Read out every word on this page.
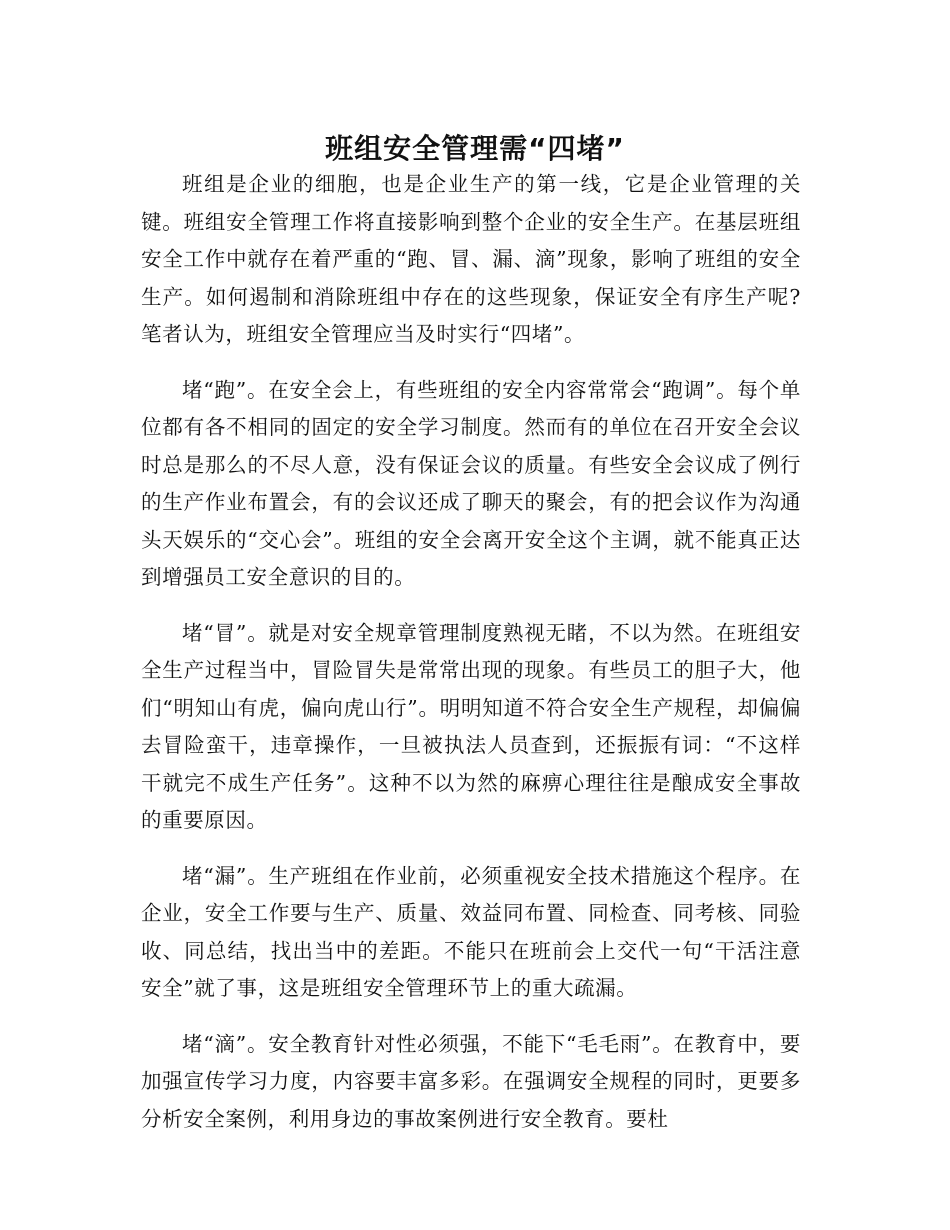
班组安全管理需“四堵”

班组是企业的细胞，也是企业生产的第一线，它是企业管理的关键。班组安全管理工作将直接影响到整个企业的安全生产。在基层班组安全工作中就存在着严重的“跑、冒、漏、滴”现象，影响了班组的安全生产。如何遏制和消除班组中存在的这些现象，保证安全有序生产呢?笔者认为，班组安全管理应当及时实行“四堵”。

堵“跑”。在安全会上，有些班组的安全内容常常会“跑调”。每个单位都有各不相同的固定的安全学习制度。然而有的单位在召开安全会议时总是那么的不尽人意，没有保证会议的质量。有些安全会议成了例行的生产作业布置会，有的会议还成了聊天的聚会，有的把会议作为沟通头天娱乐的“交心会”。班组的安全会离开安全这个主调，就不能真正达到增强员工安全意识的目的。

堵“冒”。就是对安全规章管理制度熟视无睹，不以为然。在班组安全生产过程当中，冒险冒失是常常出现的现象。有些员工的胆子大，他们“明知山有虎，偏向虎山行”。明明知道不符合安全生产规程，却偏偏去冒险蛮干，违章操作，一旦被执法人员查到，还振振有词：“不这样干就完不成生产任务”。这种不以为然的麻痹心理往往是酿成安全事故的重要原因。

堵“漏”。生产班组在作业前，必须重视安全技术措施这个程序。在企业，安全工作要与生产、质量、效益同布置、同检查、同考核、同验收、同总结，找出当中的差距。不能只在班前会上交代一句“干活注意安全”就了事，这是班组安全管理环节上的重大疏漏。

堵“滴”。安全教育针对性必须强，不能下“毛毛雨”。在教育中，要加强宣传学习力度，内容要丰富多彩。在强调安全规程的同时，更要多分析安全案例，利用身边的事故案例进行安全教育。要杜
